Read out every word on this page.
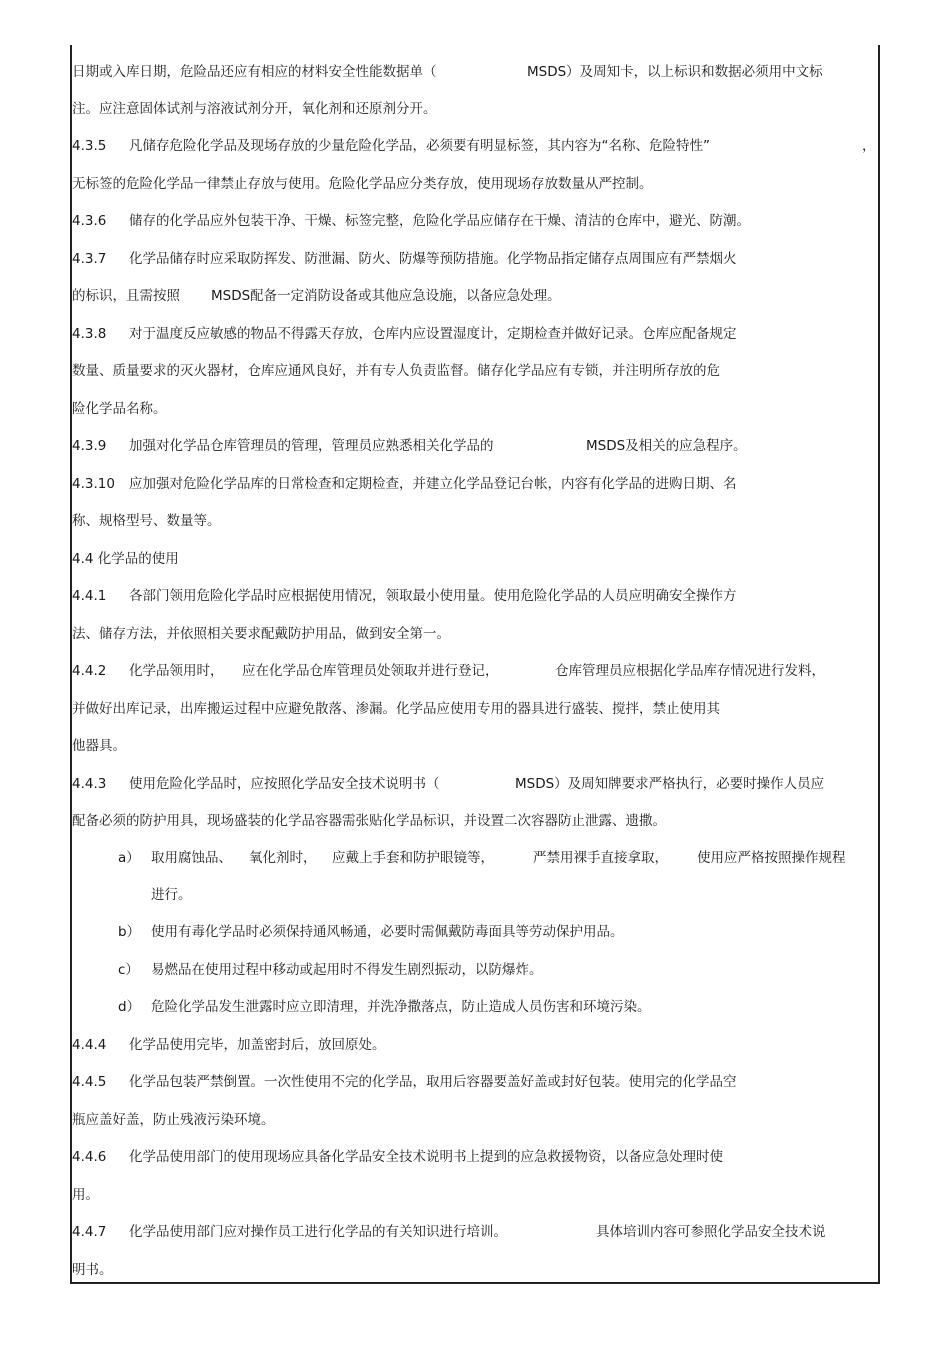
日期或入库日期，危险品还应有相应的材料安全性能数据单（	MSDS）及周知卡，以上标识和数据必须用中文标
注。应注意固体试剂与溶液试剂分开，氧化剂和还原剂分开。
4.3.5 凡储存危险化学品及现场存放的少量危险化学品，必须要有明显标签，其内容为“名称、危险特性”	，
无标签的危险化学品一律禁止存放与使用。危险化学品应分类存放，使用现场存放数量从严控制。
4.3.6 储存的化学品应外包装干净、干燥、标签完整，危险化学品应储存在干燥、清洁的仓库中，避光、防潮。
4.3.7 化学品储存时应采取防挥发、防泄漏、防火、防爆等预防措施。化学物品指定储存点周围应有严禁烟火
的标识，且需按照 MSDS配备一定消防设备或其他应急设施，以备应急处理。
4.3.8 对于温度反应敏感的物品不得露天存放，仓库内应设置湿度计，定期检查并做好记录。仓库应配备规定
数量、质量要求的灭火器材，仓库应通风良好，并有专人负责监督。储存化学品应有专锁，并注明所存放的危
险化学品名称。
4.3.9 加强对化学品仓库管理员的管理，管理员应熟悉相关化学品的	MSDS及相关的应急程序。
4.3.10 应加强对危险化学品库的日常检查和定期检查，并建立化学品登记台帐，内容有化学品的进购日期、名
称、规格型号、数量等。
4.4 化学品的使用
4.4.1 各部门领用危险化学品时应根据使用情况，领取最小使用量。使用危险化学品的人员应明确安全操作方
法、储存方法，并依照相关要求配戴防护用品，做到安全第一。
4.4.2 化学品领用时， 应在化学品仓库管理员处领取并进行登记，	仓库管理员应根据化学品库存情况进行发料，
并做好出库记录，出库搬运过程中应避免散落、渗漏。化学品应使用专用的器具进行盛装、搅拌，禁止使用其
他器具。
4.4.3 使用危险化学品时，应按照化学品安全技术说明书（	MSDS）及周知牌要求严格执行，必要时操作人员应
配备必须的防护用具，现场盛装的化学品容器需张贴化学品标识，并设置二次容器防止泄露、遗撒。
a） 取用腐蚀品、 氧化剂时， 应戴上手套和防护眼镜等，	严禁用裸手直接拿取， 使用应严格按照操作规程
进行。
b） 使用有毒化学品时必须保持通风畅通，必要时需佩戴防毒面具等劳动保护用品。
c） 易燃品在使用过程中移动或起用时不得发生剧烈振动，以防爆炸。
d） 危险化学品发生泄露时应立即清理，并洗净撒落点，防止造成人员伤害和环境污染。
4.4.4 化学品使用完毕，加盖密封后，放回原处。
4.4.5 化学品包装严禁倒置。一次性使用不完的化学品，取用后容器要盖好盖或封好包装。使用完的化学品空
瓶应盖好盖，防止残液污染环境。
4.4.6 化学品使用部门的使用现场应具备化学品安全技术说明书上提到的应急救援物资，以备应急处理时使
用。
4.4.7 化学品使用部门应对操作员工进行化学品的有关知识进行培训。	具体培训内容可参照化学品安全技术说
明书。
